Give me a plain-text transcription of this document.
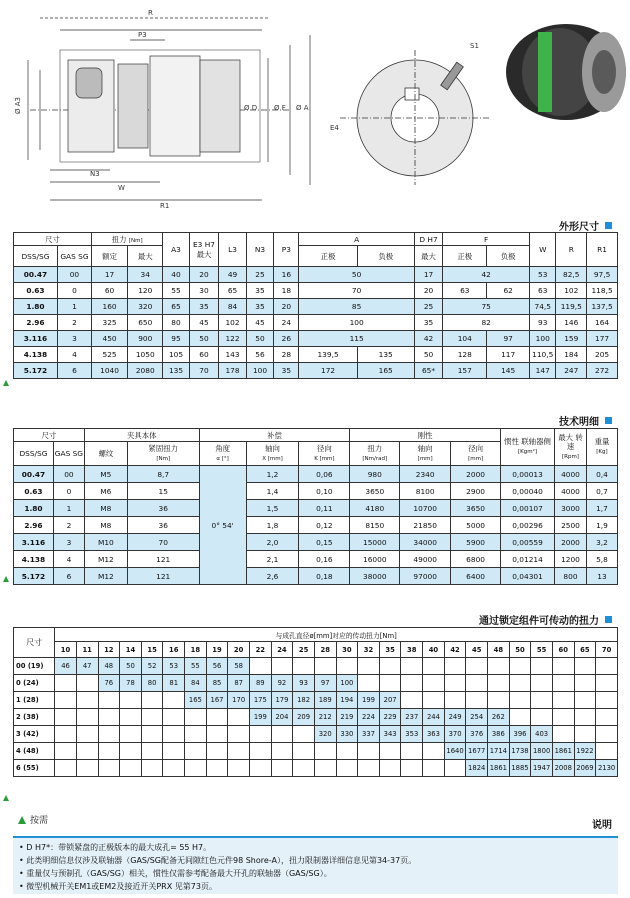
R
P3
Ø A3	Ø D Ø F Ø A
N3
W
R1
S1
E4
外形尺寸
尺寸		扭力 [Nm]		A3	E3 H7
最大	L3	N3	P3	A		D H7	F		W	R	R1
DSS/SG	GAS SG	额定	最大						正极	负极	最大	正极	负极			
00.47	00	17	34	40	20	49	25	16	50		17	42		53	82,5	97,5
0.63	0	60	120	55	30	65	35	18	70		20	63	62	63	102	118,5
1.80	1	160	320	65	35	84	35	20	85		25	75		74,5	119,5	137,5
2.96	2	325	650	80	45	102	45	24	100		35	82		93	146	164
3.116	3	450	900	95	50	122	50	26	115		42	104	97	100	159	177
4.138	4	525	1050	105	60	143	56	28	139,5	135	50	128	117	110,5	184	205
5.172	6	1040	2080	135	70	178	100	35	172	165	65*	157	145	147	247	272
技术明细
尺寸		夹具本体		补偿			刚性			惯性 联轴器侧
[Kgm²]	最大 转速
[Rpm]	重量
[Kg]
DSS/SG	GAS SG	螺纹	紧固扭力
[Nm]	角度
α [°]	轴向
X [mm]	径向
K [mm]	扭力
[Nm/rad]	轴向
[mm]	径向
[mm]			
00.47	00	M5	8,7	0° 54'	1,2	0,06	980	2340	2000	0,00013	4000	0,4
0.63	0	M6	15		1,4	0,10	3650	8100	2900	0,00040	4000	0,7
1.80	1	M8	36		1,5	0,11	4180	10700	3650	0,00107	3000	1,7
2.96	2	M8	36		1,8	0,12	8150	21850	5000	0,00296	2500	1,9
3.116	3	M10	70		2,0	0,15	15000	34000	5900	0,00559	2000	3,2
4.138	4	M12	121		2,1	0,16	16000	49000	6800	0,01214	1200	5,8
5.172	6	M12	121		2,6	0,18	38000	97000	6400	0,04301	800	13
通过锁定组件可传动的扭力
尺寸	与成孔直径ø[mm]对应的传动扭力[Nm]																									
	10	11	12	14	15	16	18	19	20	22	24	25	28	30	32	35	38	40	42	45	48	50	55	60	65	70
00 (19)	46	47	48	50	52	53	55	56	58																	
0 (24)			76	78	80	81	84	85	87	89	92	93	97	100												
1 (28)							165	167	170	175	179	182	189	194	199	207										
2 (38)										199	204	209	212	219	224	229	237	244	249	254	262					
3 (42)													320	330	337	343	353	363	370	376	386	396	403			
4 (48)																			1640	1677	1714	1738	1800	1861	1922	
6 (55)																				1824	1861	1885	1947	2008	2069	2130
按需	说明
• D H7*：带锁紧盘的正极版本的最大成孔= 55 H7。
• 此类明细信息仅涉及联轴器（GAS/SG配备无间隙红色元件98 Shore-A），扭力限制器详细信息见第34-37页。
• 重量仅与预制孔（GAS/SG）相关，惯性仅需参考配备最大开孔的联轴器（GAS/SG）。
• 微型机械开关EM1或EM2及接近开关PRX 见第73页。
